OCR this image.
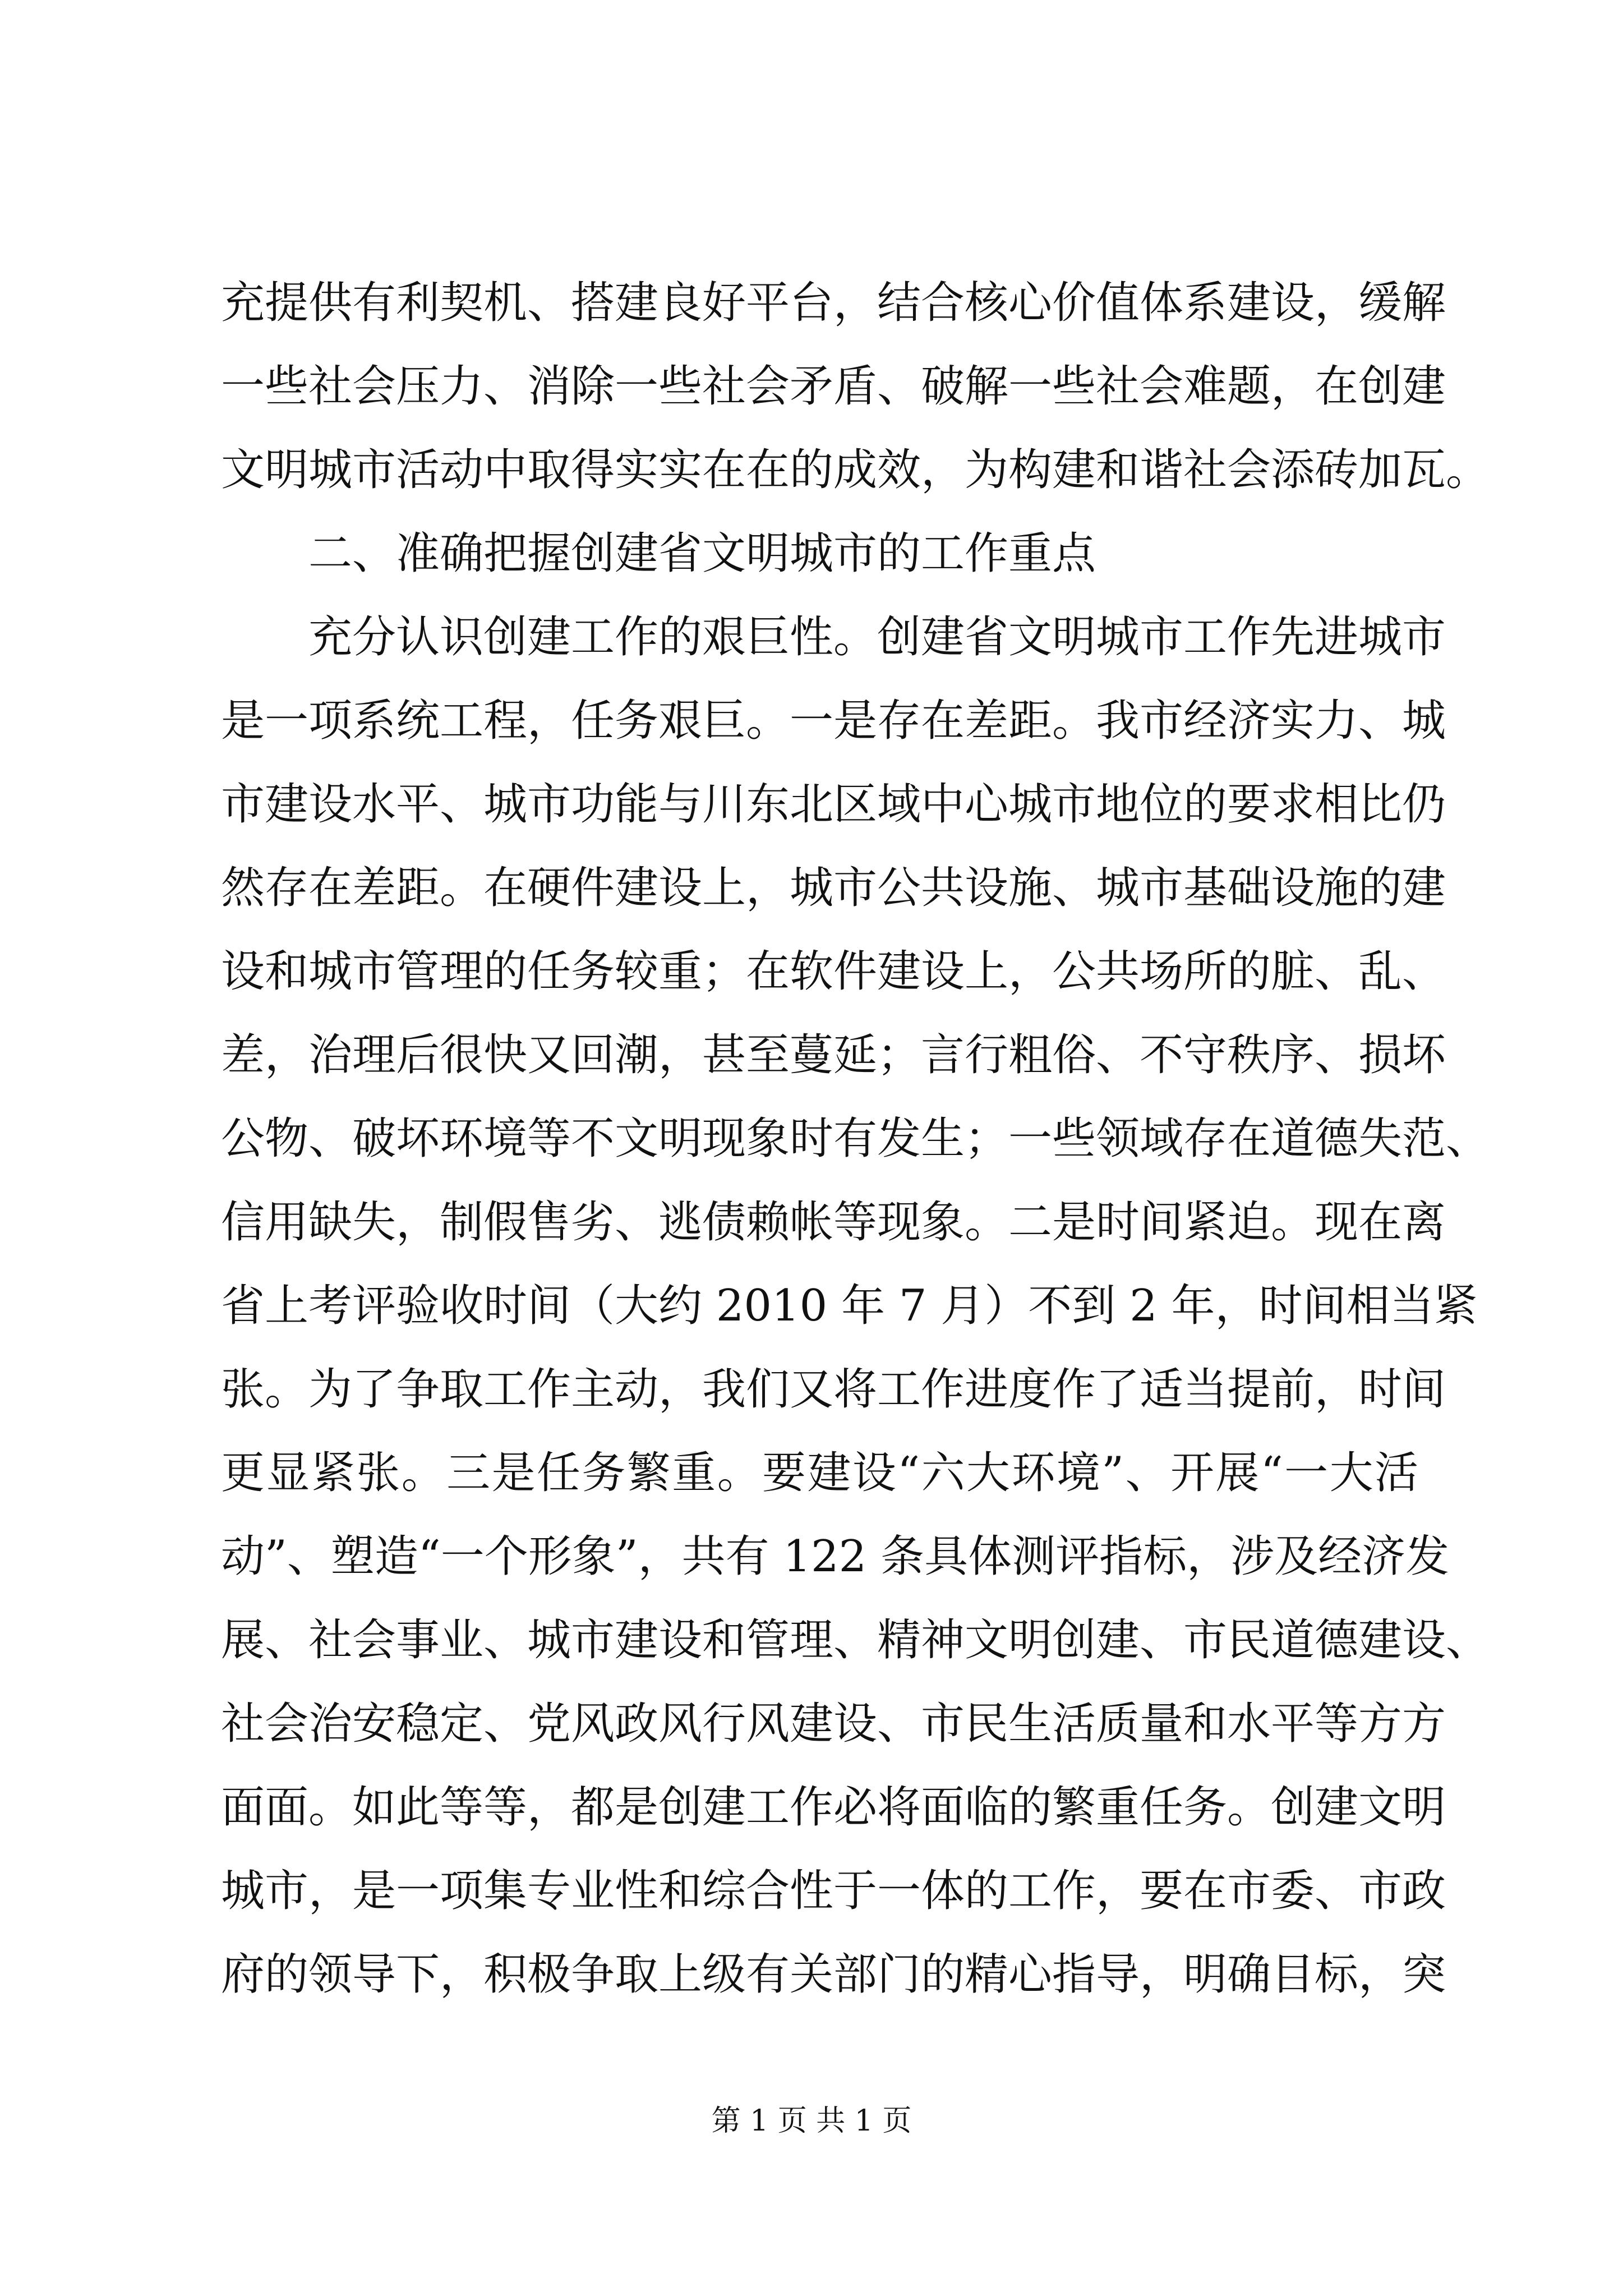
充提供有利契机、搭建良好平台，结合核心价值体系建设，缓解
一些社会压力、消除一些社会矛盾、破解一些社会难题，在创建
文明城市活动中取得实实在在的成效，为构建和谐社会添砖加瓦。
二、准确把握创建省文明城市的工作重点
充分认识创建工作的艰巨性。创建省文明城市工作先进城市
是一项系统工程，任务艰巨。一是存在差距。我市经济实力、城
市建设水平、城市功能与川东北区域中心城市地位的要求相比仍
然存在差距。在硬件建设上，城市公共设施、城市基础设施的建
设和城市管理的任务较重；在软件建设上，公共场所的脏、乱、
差，治理后很快又回潮，甚至蔓延；言行粗俗、不守秩序、损坏
公物、破坏环境等不文明现象时有发生；一些领域存在道德失范、
信用缺失，制假售劣、逃债赖帐等现象。二是时间紧迫。现在离
省上考评验收时间（大约 2010 年 7 月）不到 2 年，时间相当紧
张。为了争取工作主动，我们又将工作进度作了适当提前，时间
更显紧张。三是任务繁重。要建设“六大环境”、开展“一大活
动”、塑造“一个形象”，共有 122 条具体测评指标，涉及经济发
展、社会事业、城市建设和管理、精神文明创建、市民道德建设、
社会治安稳定、党风政风行风建设、市民生活质量和水平等方方
面面。如此等等，都是创建工作必将面临的繁重任务。创建文明
城市，是一项集专业性和综合性于一体的工作，要在市委、市政
府的领导下，积极争取上级有关部门的精心指导，明确目标，突
第 1 页 共 1 页
